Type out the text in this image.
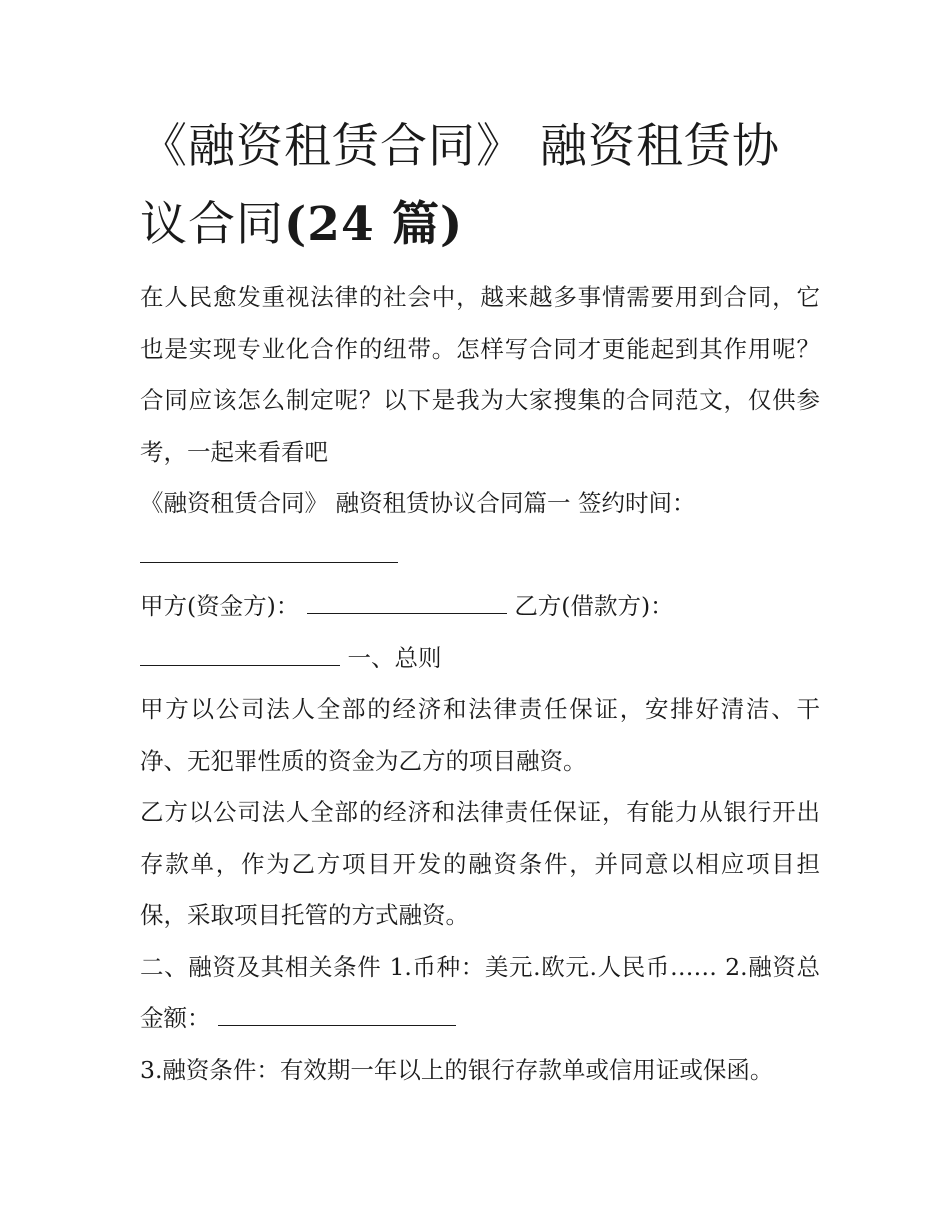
《融资租赁合同》 融资租赁协
议合同(24 篇)

在人民愈发重视法律的社会中，越来越多事情需要用到合同，它也是实现专业化合作的纽带。怎样写合同才更能起到其作用呢？合同应该怎么制定呢？以下是我为大家搜集的合同范文，仅供参考，一起来看看吧

《融资租赁合同》 融资租赁协议合同篇一 签约时间：

甲方(资金方)：	乙方(借款方)：
一、总则

甲方以公司法人全部的经济和法律责任保证，安排好清洁、干净、无犯罪性质的资金为乙方的项目融资。

乙方以公司法人全部的经济和法律责任保证，有能力从银行开出存款单，作为乙方项目开发的融资条件，并同意以相应项目担保，采取项目托管的方式融资。

二、融资及其相关条件 1.币种：美元.欧元.人民币…… 2.融资总金额：

3.融资条件：有效期一年以上的银行存款单或信用证或保函。
